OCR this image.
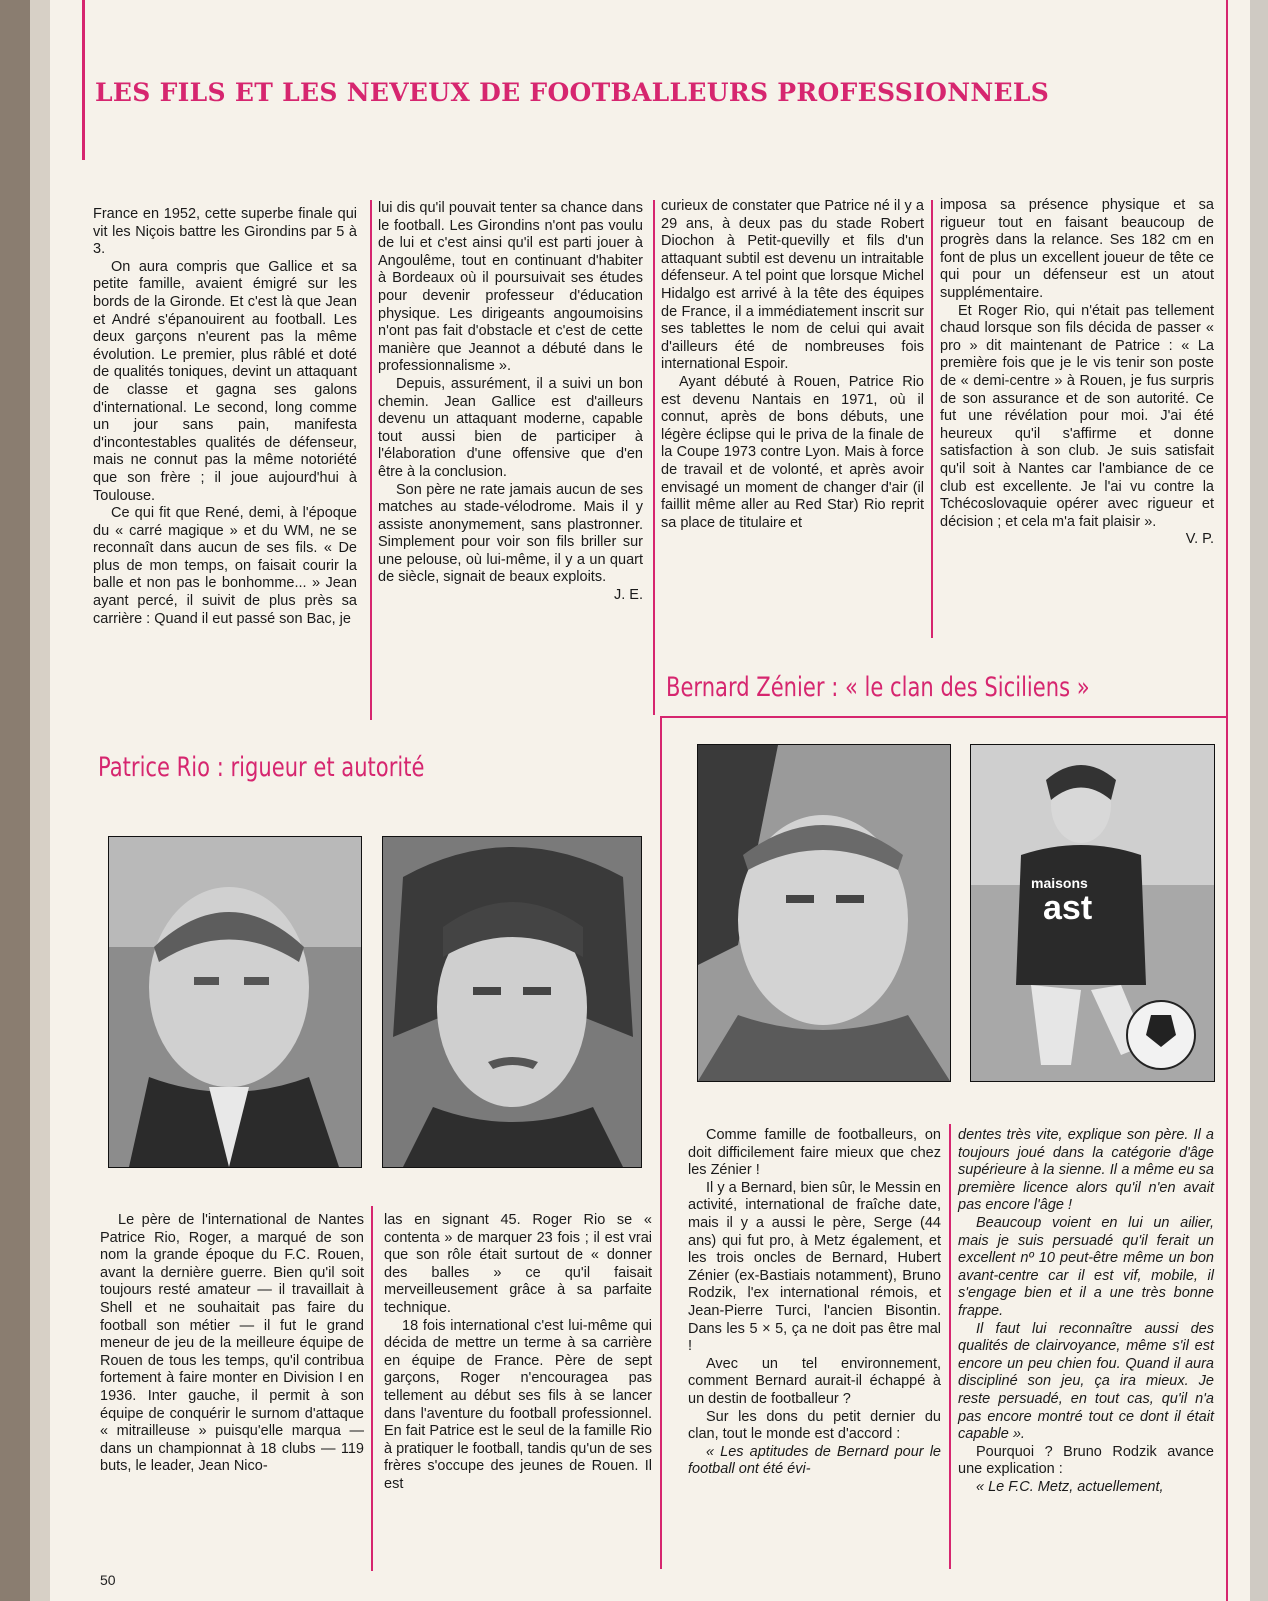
LES FILS ET LES NEVEUX DE FOOTBALLEURS PROFESSIONNELS

France en 1952, cette superbe finale qui vit les Niçois battre les Girondins par 5 à 3.

On aura compris que Gallice et sa petite famille, avaient émigré sur les bords de la Gironde. Et c'est là que Jean et André s'épanouirent au football. Les deux garçons n'eurent pas la même évolution. Le premier, plus râblé et doté de qualités toniques, devint un attaquant de classe et gagna ses galons d'international. Le second, long comme un jour sans pain, manifesta d'incontestables qualités de défenseur, mais ne connut pas la même notoriété que son frère ; il joue aujourd'hui à Toulouse.

Ce qui fit que René, demi, à l'époque du « carré magique » et du WM, ne se reconnaît dans aucun de ses fils. « De plus de mon temps, on faisait courir la balle et non pas le bonhomme... » Jean ayant percé, il suivit de plus près sa carrière : Quand il eut passé son Bac, je

lui dis qu'il pouvait tenter sa chance dans le football. Les Girondins n'ont pas voulu de lui et c'est ainsi qu'il est parti jouer à Angoulême, tout en continuant d'habiter à Bordeaux où il poursuivait ses études pour devenir professeur d'éducation physique. Les dirigeants angoumoisins n'ont pas fait d'obstacle et c'est de cette manière que Jeannot a débuté dans le professionnalisme ».

Depuis, assurément, il a suivi un bon chemin. Jean Gallice est d'ailleurs devenu un attaquant moderne, capable tout aussi bien de participer à l'élaboration d'une offensive que d'en être à la conclusion.

Son père ne rate jamais aucun de ses matches au stade-vélodrome. Mais il y assiste anonymement, sans plastronner. Simplement pour voir son fils briller sur une pelouse, où lui-même, il y a un quart de siècle, signait de beaux exploits.

J. E.

curieux de constater que Patrice né il y a 29 ans, à deux pas du stade Robert Diochon à Petit-quevilly et fils d'un attaquant subtil est devenu un intraitable défenseur. A tel point que lorsque Michel Hidalgo est arrivé à la tête des équipes de France, il a immédiatement inscrit sur ses tablettes le nom de celui qui avait d'ailleurs été de nombreuses fois international Espoir.

Ayant débuté à Rouen, Patrice Rio est devenu Nantais en 1971, où il connut, après de bons débuts, une légère éclipse qui le priva de la finale de la Coupe 1973 contre Lyon. Mais à force de travail et de volonté, et après avoir envisagé un moment de changer d'air (il faillit même aller au Red Star) Rio reprit sa place de titulaire et

imposa sa présence physique et sa rigueur tout en faisant beaucoup de progrès dans la relance. Ses 182 cm en font de plus un excellent joueur de tête ce qui pour un défenseur est un atout supplémentaire.

Et Roger Rio, qui n'était pas tellement chaud lorsque son fils décida de passer « pro » dit maintenant de Patrice : « La première fois que je le vis tenir son poste de « demi-centre » à Rouen, je fus surpris de son assurance et de son autorité. Ce fut une révélation pour moi. J'ai été heureux qu'il s'affirme et donne satisfaction à son club. Je suis satisfait qu'il soit à Nantes car l'ambiance de ce club est excellente. Je l'ai vu contre la Tchécoslovaquie opérer avec rigueur et décision ; et cela m'a fait plaisir ».

V. P.
Patrice Rio : rigueur et autorité
Bernard Zénier : « le clan des Siciliens »
maisons
ast

Le père de l'international de Nantes Patrice Rio, Roger, a marqué de son nom la grande époque du F.C. Rouen, avant la dernière guerre. Bien qu'il soit toujours resté amateur — il travaillait à Shell et ne souhaitait pas faire du football son métier — il fut le grand meneur de jeu de la meilleure équipe de Rouen de tous les temps, qu'il contribua fortement à faire monter en Division I en 1936. Inter gauche, il permit à son équipe de conquérir le surnom d'attaque « mitrailleuse » puisqu'elle marqua — dans un championnat à 18 clubs — 119 buts, le leader, Jean Nico-

las en signant 45. Roger Rio se « contenta » de marquer 23 fois ; il est vrai que son rôle était surtout de « donner des balles » ce qu'il faisait merveilleusement grâce à sa parfaite technique.

18 fois international c'est lui-même qui décida de mettre un terme à sa carrière en équipe de France. Père de sept garçons, Roger n'encouragea pas tellement au début ses fils à se lancer dans l'aventure du football professionnel. En fait Patrice est le seul de la famille Rio à pratiquer le football, tandis qu'un de ses frères s'occupe des jeunes de Rouen. Il est

Comme famille de footballeurs, on doit difficilement faire mieux que chez les Zénier !

Il y a Bernard, bien sûr, le Messin en activité, international de fraîche date, mais il y a aussi le père, Serge (44 ans) qui fut pro, à Metz également, et les trois oncles de Bernard, Hubert Zénier (ex-Bastiais notamment), Bruno Rodzik, l'ex international rémois, et Jean-Pierre Turci, l'ancien Bisontin. Dans les 5 × 5, ça ne doit pas être mal !

Avec un tel environnement, comment Bernard aurait-il échappé à un destin de footballeur ?

Sur les dons du petit dernier du clan, tout le monde est d'accord :

« Les aptitudes de Bernard pour le football ont été évi-

dentes très vite, explique son père. Il a toujours joué dans la catégorie d'âge supérieure à la sienne. Il a même eu sa première licence alors qu'il n'en avait pas encore l'âge !

Beaucoup voient en lui un ailier, mais je suis persuadé qu'il ferait un excellent nº 10 peut-être même un bon avant-centre car il est vif, mobile, il s'engage bien et il a une très bonne frappe.

Il faut lui reconnaître aussi des qualités de clairvoyance, même s'il est encore un peu chien fou. Quand il aura discipliné son jeu, ça ira mieux. Je reste persuadé, en tout cas, qu'il n'a pas encore montré tout ce dont il était capable ».

Pourquoi ? Bruno Rodzik avance une explication :

« Le F.C. Metz, actuellement,

50
